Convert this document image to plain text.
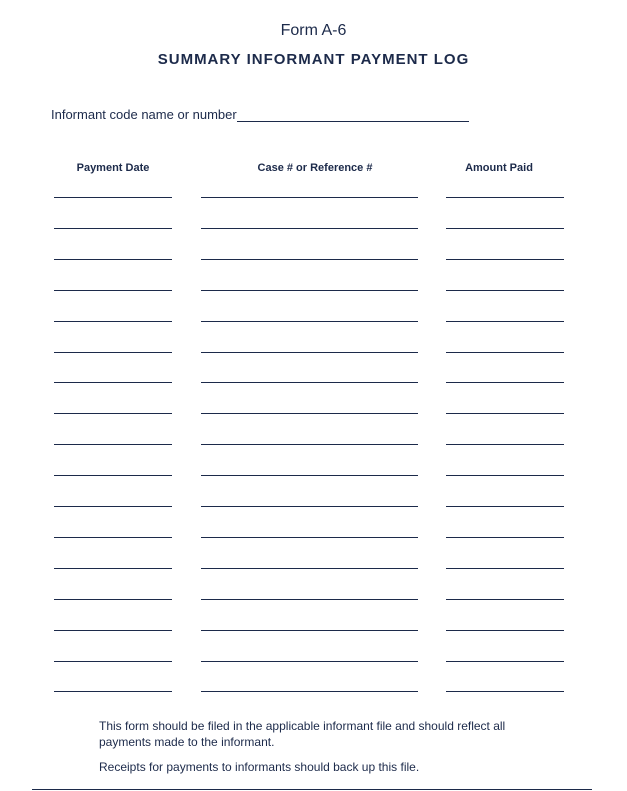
Form A-6
SUMMARY INFORMANT PAYMENT LOG
Informant code name or number
Payment Date	Case # or Reference #	Amount Paid
This form should be filed in the applicable informant file and should reflect all payments made to the informant.
Receipts for payments to informants should back up this file.
